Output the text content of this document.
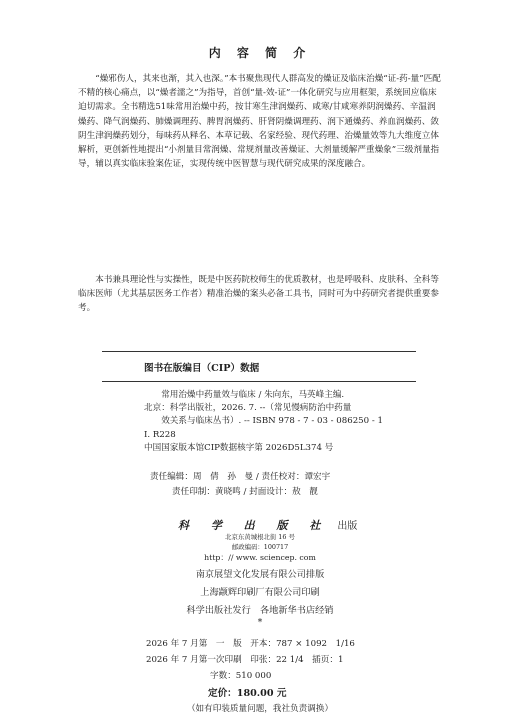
内 容 简 介

“燥邪伤人，其来也渐，其入也深。”本书聚焦现代人群高发的燥证及临床治燥“证-药-量”匹配不精的核心痛点，以“燥者濡之”为指导，首创“量-效-证”一体化研究与应用框架，系统回应临床迫切需求。全书精选51味常用治燥中药，按甘寒生津润燥药、咸寒/甘咸寒养阴润燥药、辛温润燥药、降气润燥药、肺燥调理药、脾胃润燥药、肝肾阴燥调理药、润下通燥药、养血润燥药、敛阴生津润燥药划分，每味药从释名、本草记载、名家经验、现代药理、治燥量效等九大维度立体解析，更创新性地提出“小剂量目常润燥、常规剂量改善燥证、大剂量缓解严重燥象”三级剂量指导，辅以真实临床验案佐证，实现传统中医智慧与现代研究成果的深度融合。

本书兼具理论性与实操性，既是中医药院校师生的优质教材，也是呼吸科、皮肤科、全科等临床医师（尤其基层医务工作者）精准治燥的案头必备工具书，同时可为中药研究者提供重要参考。

图书在版编目（CIP）数据
常用治燥中药量效与临床 / 朱向东，马英峰主编.
北京：科学出版社，2026. 7. --（常见慢病防治中药量
效关系与临床丛书）. -- ISBN 978 - 7 - 03 - 086250 - 1
Ⅰ. R228
中国国家版本馆CIP数据核字第 2026D5L374 号
责任编辑：周　倩　孙　曼 / 责任校对：谭宏宇
责任印制：黄晓鸣 / 封面设计：敖　靓
科 学 出 版 社 出版
北京东黄城根北街 16 号
邮政编码：100717
http：// www. sciencep. com
南京展望文化发展有限公司排版
上海颛辉印刷厂有限公司印刷
科学出版社发行　各地新华书店经销
*
2026 年 7 月第　一　版　开本：787 × 1092　1/16
2026 年 7 月第一次印刷　印张：22 1/4　插页：1
字数：510 000
定价：180.00 元
（如有印装质量问题，我社负责调换）
